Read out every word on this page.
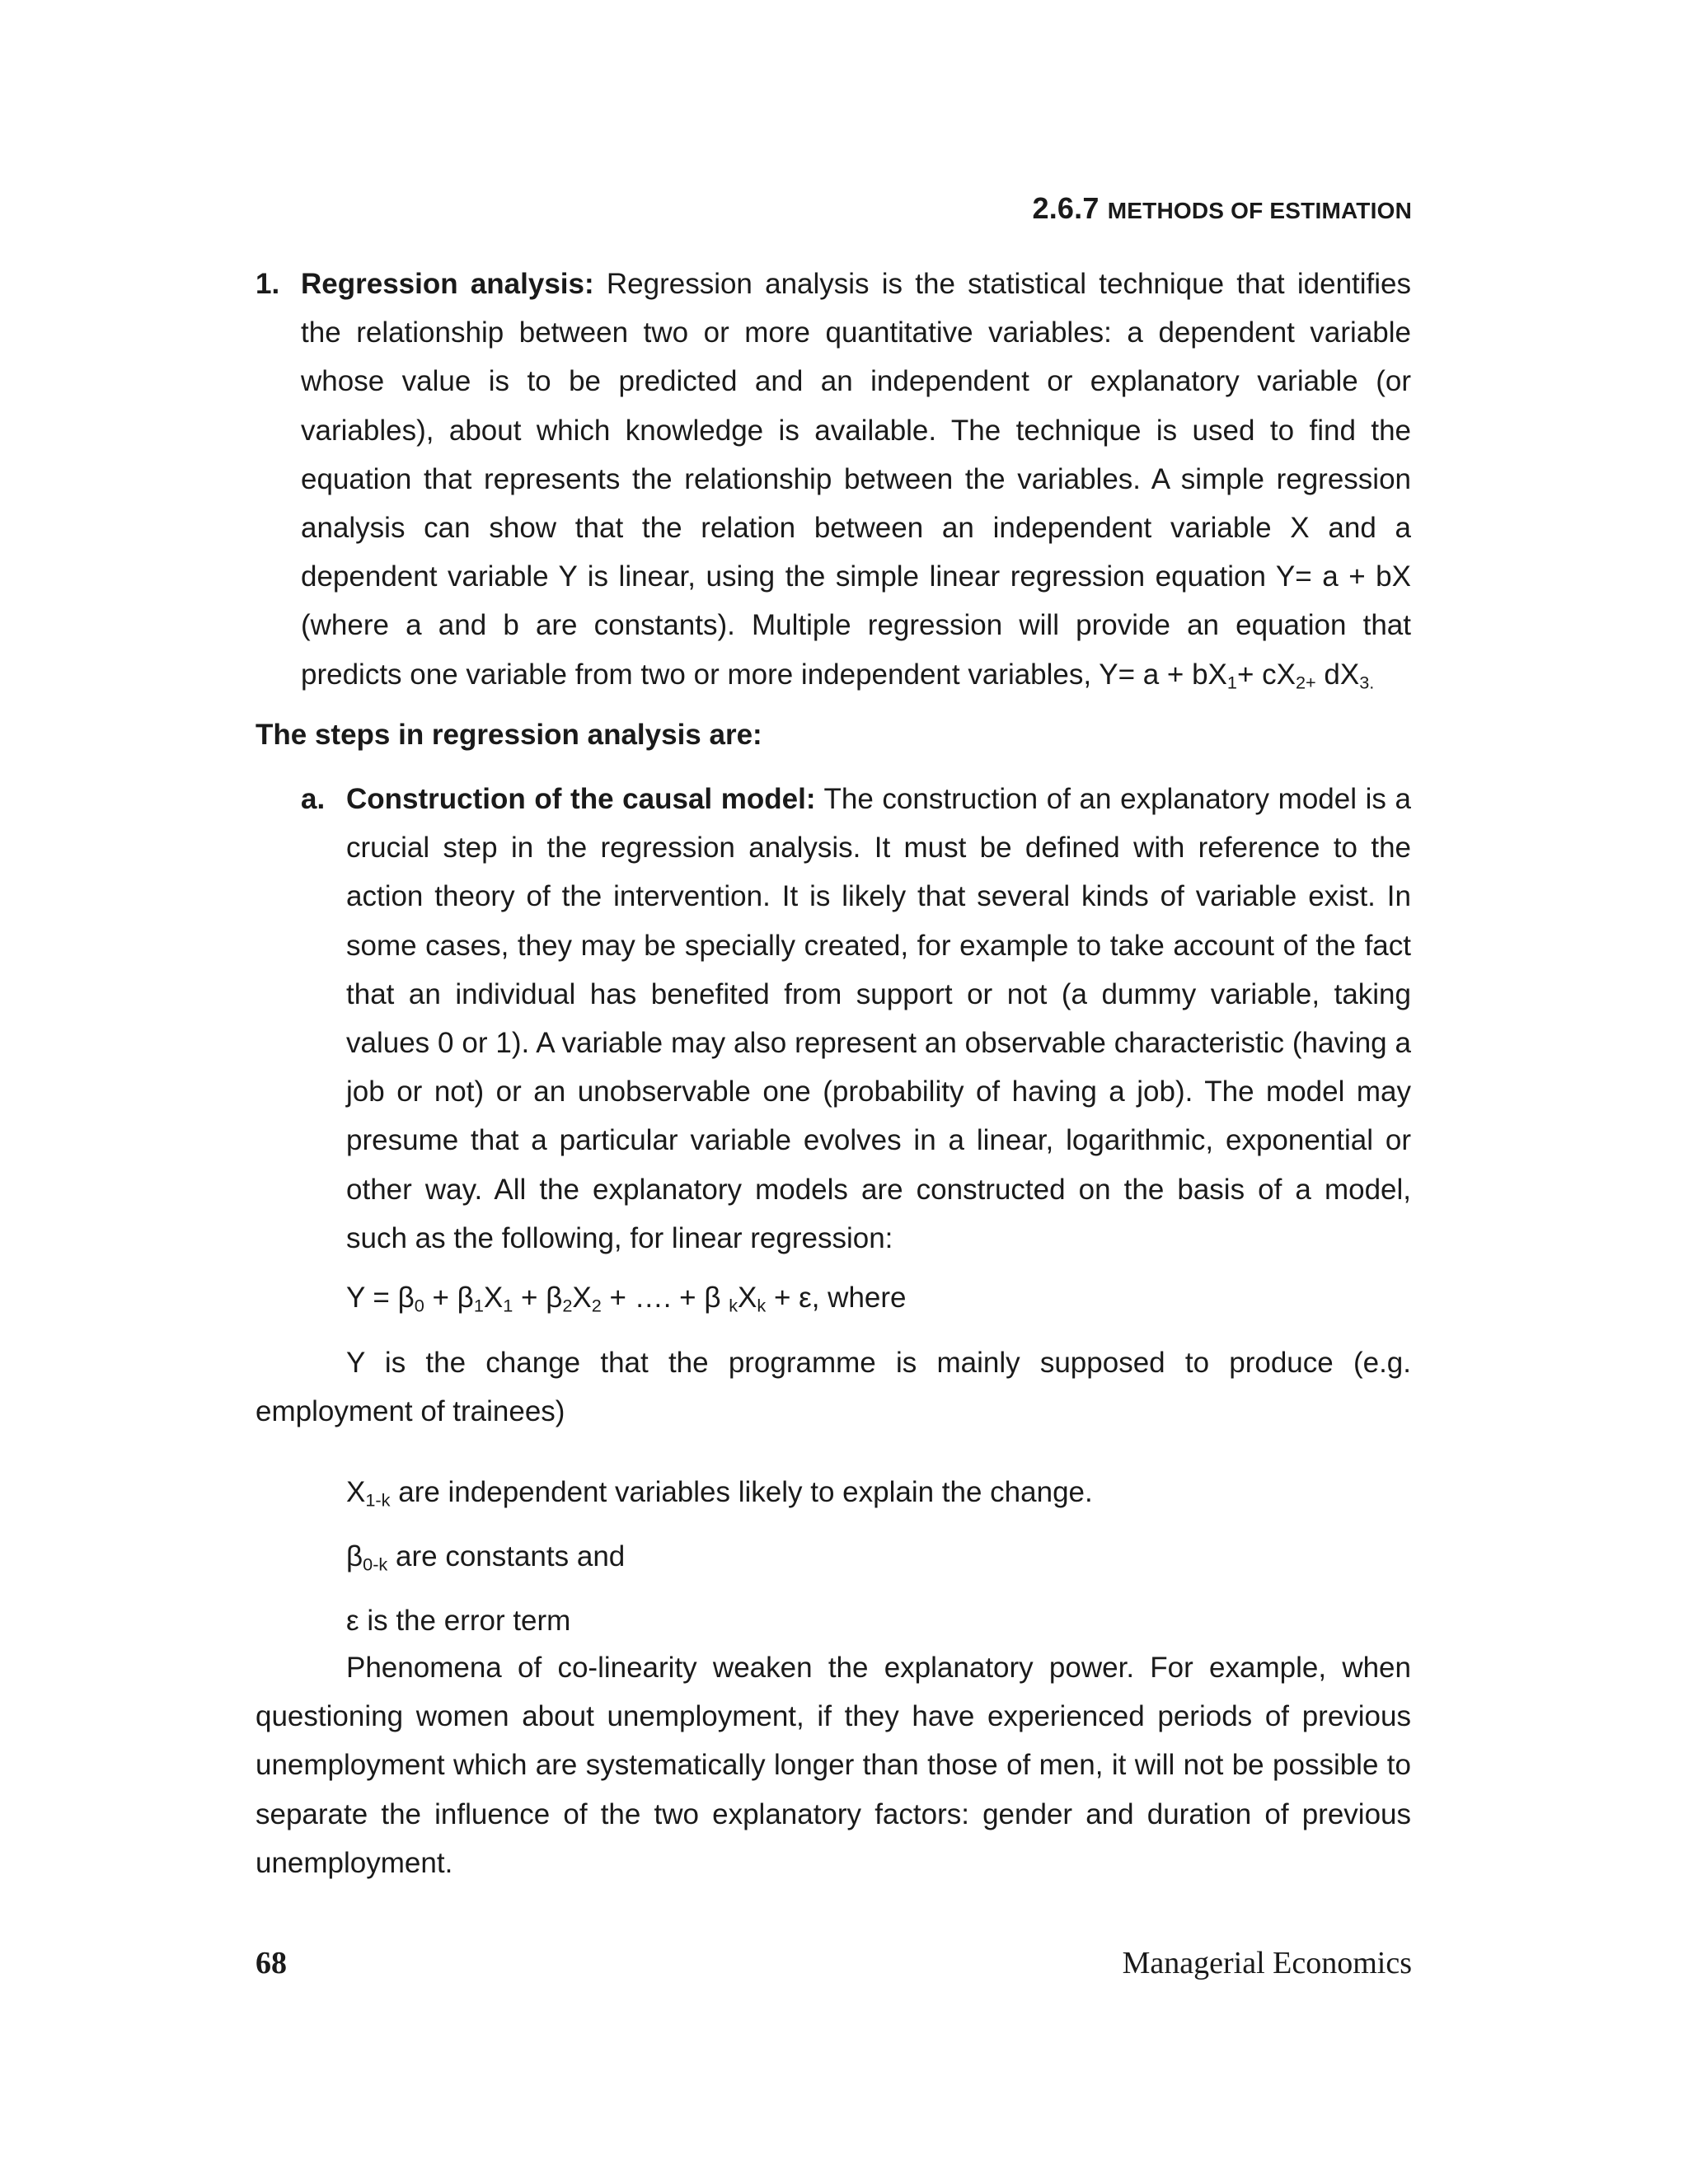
2.6.7 METHODS OF ESTIMATION
1. Regression analysis: Regression analysis is the statistical technique that identifies the relationship between two or more quantitative variables: a dependent variable whose value is to be predicted and an independent or explanatory variable (or variables), about which knowledge is available. The technique is used to find the equation that represents the relationship between the variables. A simple regression analysis can show that the relation between an independent variable X and a dependent variable Y is linear, using the simple linear regression equation Y= a + bX (where a and b are constants). Multiple regression will provide an equation that predicts one variable from two or more independent variables, $Y= a + bX_1+ cX_{2+}$ $dX_{3.}$
The steps in regression analysis are:
a. Construction of the causal model: The construction of an explanatory model is a crucial step in the regression analysis. It must be defined with reference to the action theory of the intervention. It is likely that several kinds of variable exist. In some cases, they may be specially created, for example to take account of the fact that an individual has benefited from support or not (a dummy variable, taking values 0 or 1). A variable may also represent an observable characteristic (having a job or not) or an unobservable one (probability of having a job). The model may presume that a particular variable evolves in a linear, logarithmic, exponential or other way. All the explanatory models are constructed on the basis of a model, such as the following, for linear regression:
$Y = \beta_0 + \beta_1X_1 + \beta_2X_2$ + …. + β $_kX_k + \varepsilon$, where
Y is the change that the programme is mainly supposed to produce (e.g. employment of trainees)
$X_{1-k}$ are independent variables likely to explain the change.
$\beta_{0-k}$ are constants and
ε is the error term
Phenomena of co-linearity weaken the explanatory power. For example, when questioning women about unemployment, if they have experienced periods of previous unemployment which are systematically longer than those of men, it will not be possible to separate the influence of the two explanatory factors: gender and duration of previous unemployment.
68	Managerial Economics
